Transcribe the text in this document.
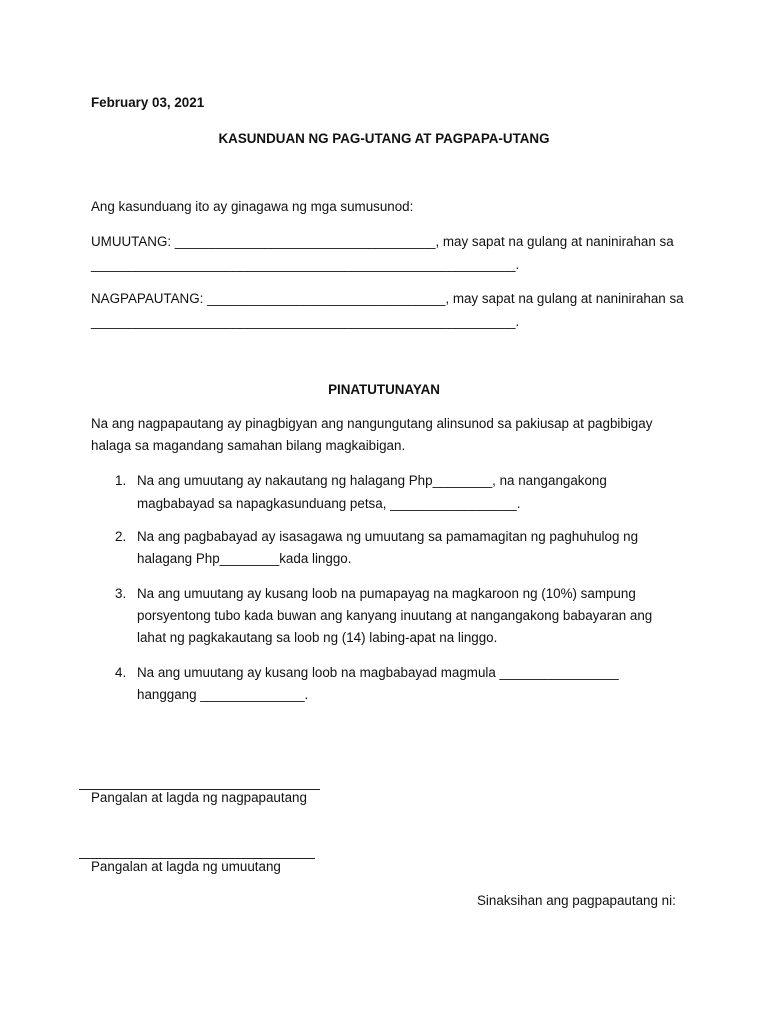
February 03, 2021

KASUNDUAN NG PAG-UTANG AT PAGPAPA-UTANG

Ang kasunduang ito ay ginagawa ng mga sumusunod:

UMUUTANG: ___________________________________, may sapat na gulang at naninirahan sa

_________________________________________________________.

NAGPAPAUTANG: ________________________________, may sapat na gulang at naninirahan sa

_________________________________________________________.

PINATUTUNAYAN

Na ang nagpapautang ay pinagbigyan ang nangungutang alinsunod sa pakiusap at pagbibigay

halaga sa magandang samahan bilang magkaibigan.

1. Na ang umuutang ay nakautang ng halagang Php________, na nangangakong

magbabayad sa napagkasunduang petsa, _________________.

2. Na ang pagbabayad ay isasagawa ng umuutang sa pamamagitan ng paghuhulog ng

halagang Php________kada linggo.

3. Na ang umuutang ay kusang loob na pumapayag na magkaroon ng (10%) sampung

porsyentong tubo kada buwan ang kanyang inuutang at nangangakong babayaran ang

lahat ng pagkakautang sa loob ng (14) labing-apat na linggo.

4. Na ang umuutang ay kusang loob na magbabayad magmula ________________

hanggang ______________.

Pangalan at lagda ng nagpapautang

Pangalan at lagda ng umuutang

Sinaksihan ang pagpapautang ni:
